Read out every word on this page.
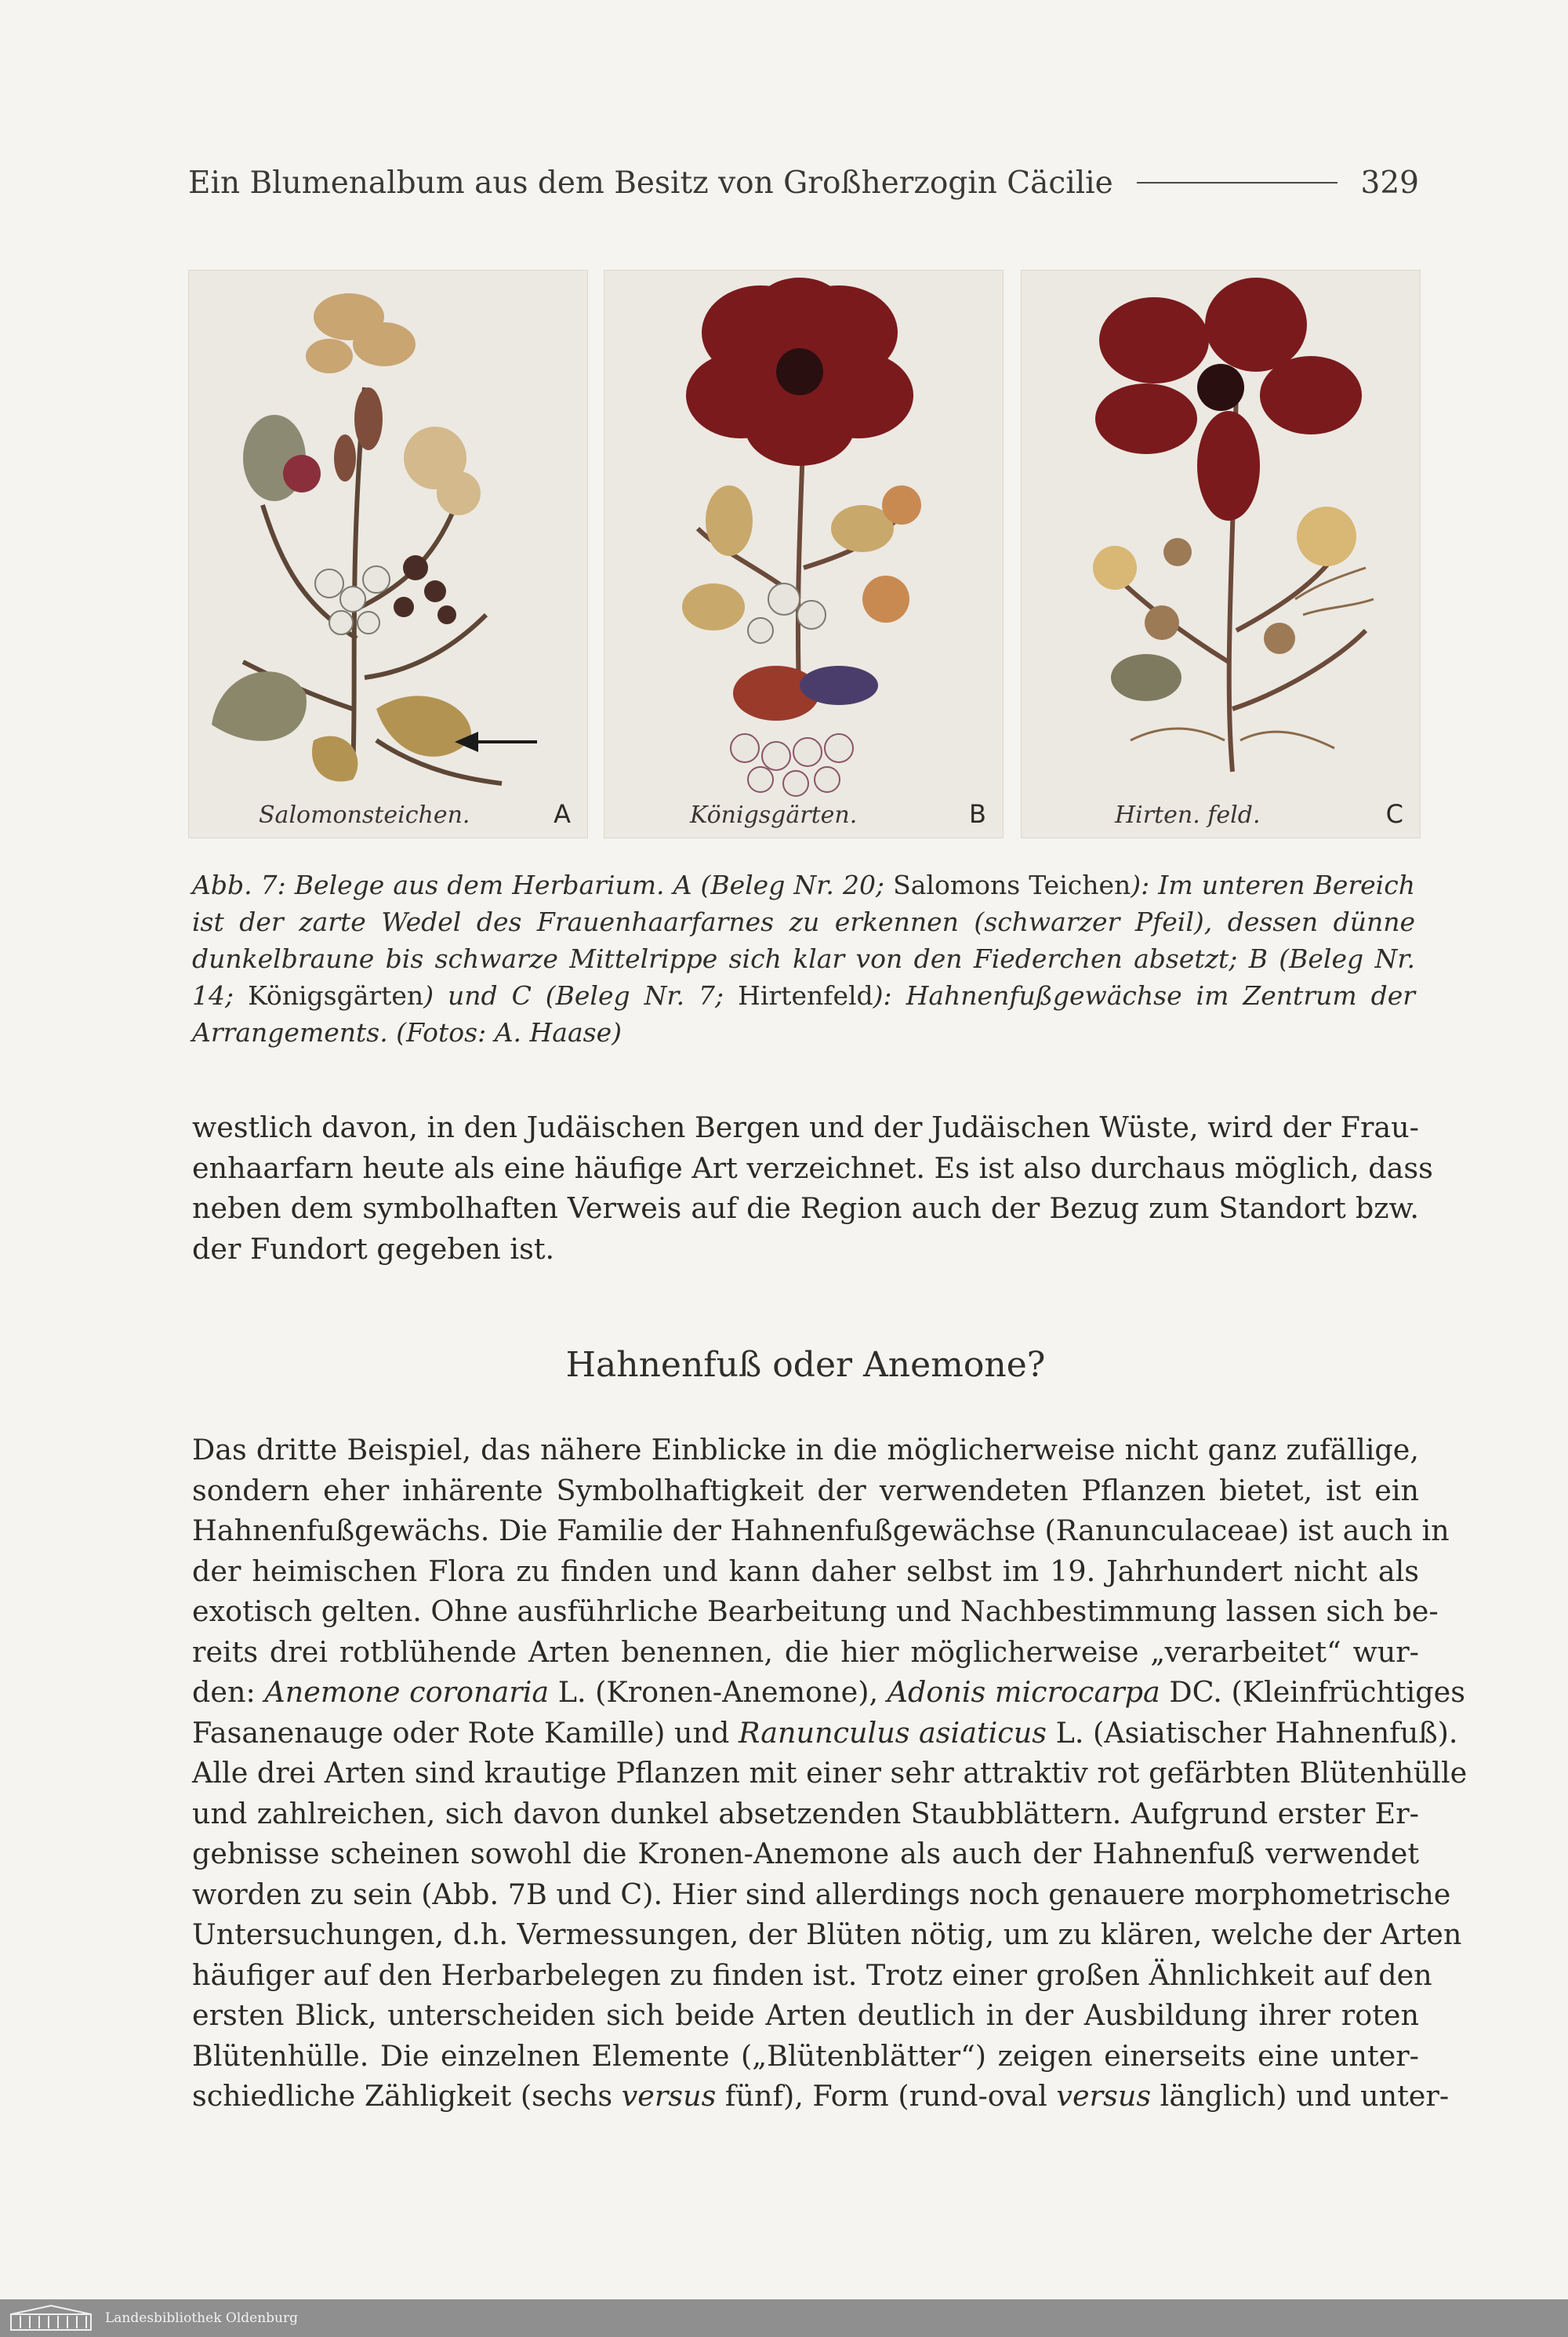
Ein Blumenalbum aus dem Besitz von Großherzogin Cäcilie	329
Salomonsteichen.	A	Königsgärten.	B	Hirten. feld.	C
Abb. 7: Belege aus dem Herbarium. A (Beleg Nr. 20; Salomons Teichen): Im unteren Bereich ist der zarte Wedel des Frauenhaarfarnes zu erkennen (schwarzer Pfeil), dessen dünne dunkelbraune bis schwarze Mittelrippe sich klar von den Fiederchen absetzt; B (Beleg Nr. 14; Königsgärten) und C (Beleg Nr. 7; Hirtenfeld): Hahnenfußgewächse im Zentrum der Arrangements. (Fotos: A. Haase)
westlich davon, in den Judäischen Bergen und der Judäischen Wüste, wird der Frau-
enhaarfarn heute als eine häufige Art verzeichnet. Es ist also durchaus möglich, dass
neben dem symbolhaften Verweis auf die Region auch der Bezug zum Standort bzw.
der Fundort gegeben ist.
Hahnenfuß oder Anemone?
Das dritte Beispiel, das nähere Einblicke in die möglicherweise nicht ganz zufällige,
sondern eher inhärente Symbolhaftigkeit der verwendeten Pflanzen bietet, ist ein
Hahnenfußgewächs. Die Familie der Hahnenfußgewächse (Ranunculaceae) ist auch in
der heimischen Flora zu finden und kann daher selbst im 19. Jahrhundert nicht als
exotisch gelten. Ohne ausführliche Bearbeitung und Nachbestimmung lassen sich be-
reits drei rotblühende Arten benennen, die hier möglicherweise „verarbeitet“ wur-
den: Anemone coronaria L. (Kronen-Anemone), Adonis microcarpa DC. (Kleinfrüchtiges
Fasanenauge oder Rote Kamille) und Ranunculus asiaticus L. (Asiatischer Hahnenfuß).
Alle drei Arten sind krautige Pflanzen mit einer sehr attraktiv rot gefärbten Blütenhülle
und zahlreichen, sich davon dunkel absetzenden Staubblättern. Aufgrund erster Er-
gebnisse scheinen sowohl die Kronen-Anemone als auch der Hahnenfuß verwendet
worden zu sein (Abb. 7B und C). Hier sind allerdings noch genauere morphometrische
Untersuchungen, d.h. Vermessungen, der Blüten nötig, um zu klären, welche der Arten
häufiger auf den Herbarbelegen zu finden ist. Trotz einer großen Ähnlichkeit auf den
ersten Blick, unterscheiden sich beide Arten deutlich in der Ausbildung ihrer roten
Blütenhülle. Die einzelnen Elemente („Blütenblätter“) zeigen einerseits eine unter-
schiedliche Zähligkeit (sechs versus fünf), Form (rund-oval versus länglich) und unter-
Landesbibliothek Oldenburg
